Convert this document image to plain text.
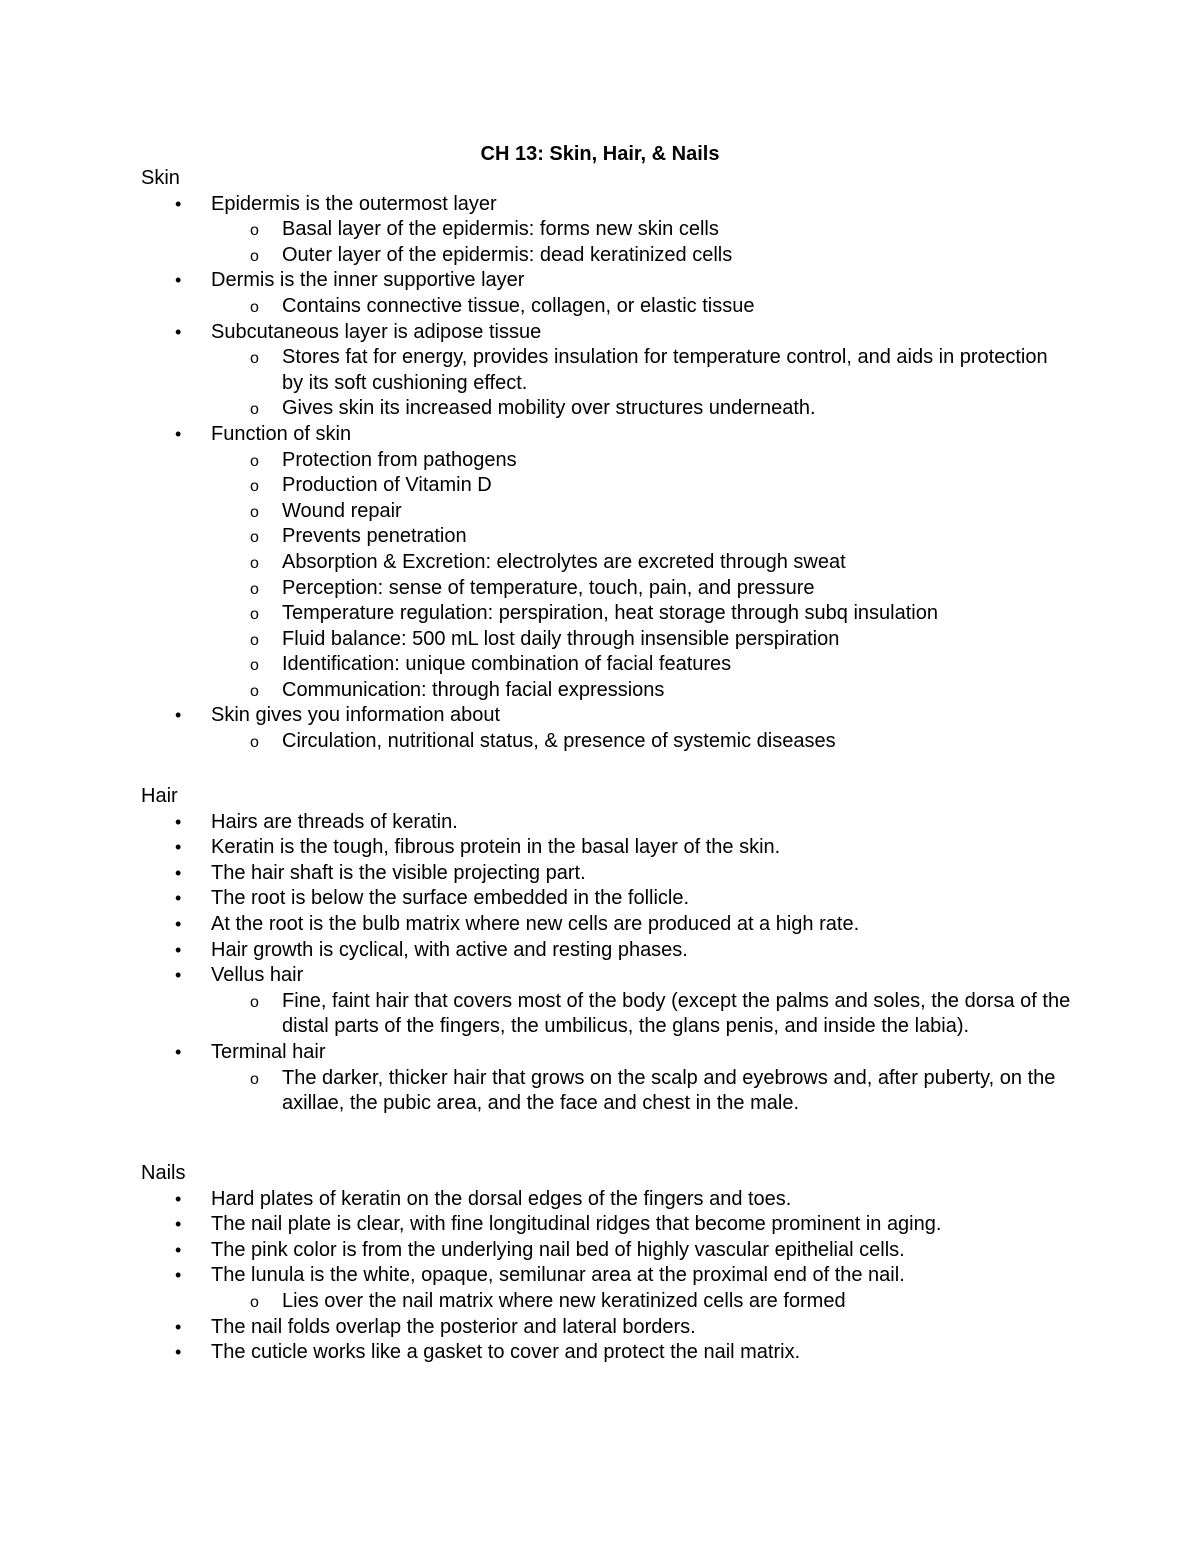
CH 13: Skin, Hair, & Nails
Skin
•	Epidermis is the outermost layer
o Basal layer of the epidermis: forms new skin cells
o Outer layer of the epidermis: dead keratinized cells
•	Dermis is the inner supportive layer
o Contains connective tissue, collagen, or elastic tissue
•	Subcutaneous layer is adipose tissue
o Stores fat for energy, provides insulation for temperature control, and aids in protection by its soft cushioning effect.
o Gives skin its increased mobility over structures underneath.
•	Function of skin
o Protection from pathogens
o Production of Vitamin D
o Wound repair
o Prevents penetration
o Absorption & Excretion: electrolytes are excreted through sweat
o Perception: sense of temperature, touch, pain, and pressure
o Temperature regulation: perspiration, heat storage through subq insulation
o Fluid balance: 500 mL lost daily through insensible perspiration
o Identification: unique combination of facial features
o Communication: through facial expressions
•	Skin gives you information about
o Circulation, nutritional status, & presence of systemic diseases
Hair
•	Hairs are threads of keratin.
•	Keratin is the tough, fibrous protein in the basal layer of the skin.
•	The hair shaft is the visible projecting part.
•	The root is below the surface embedded in the follicle.
•	At the root is the bulb matrix where new cells are produced at a high rate.
•	Hair growth is cyclical, with active and resting phases.
•	Vellus hair
o Fine, faint hair that covers most of the body (except the palms and soles, the dorsa of the distal parts of the fingers, the umbilicus, the glans penis, and inside the labia).
•	Terminal hair
o The darker, thicker hair that grows on the scalp and eyebrows and, after puberty, on the axillae, the pubic area, and the face and chest in the male.
Nails
•	Hard plates of keratin on the dorsal edges of the fingers and toes.
•	The nail plate is clear, with fine longitudinal ridges that become prominent in aging.
•	The pink color is from the underlying nail bed of highly vascular epithelial cells.
•	The lunula is the white, opaque, semilunar area at the proximal end of the nail.
o Lies over the nail matrix where new keratinized cells are formed
•	The nail folds overlap the posterior and lateral borders.
•	The cuticle works like a gasket to cover and protect the nail matrix.
